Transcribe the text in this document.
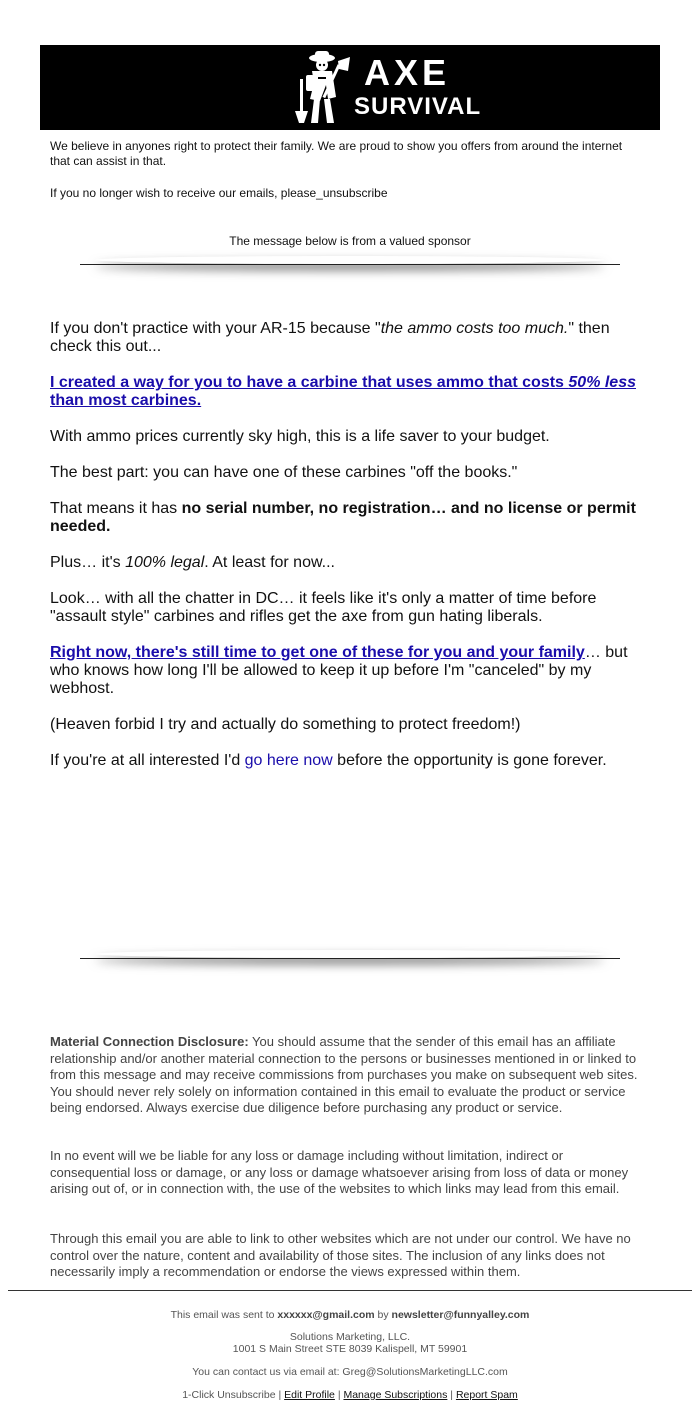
AXE
SURVIVAL

We believe in anyones right to protect their family. We are proud to show you offers from around the internet that can assist in that.

If you no longer wish to receive our emails, please_unsubscribe

The message below is from a valued sponsor

If you don't practice with your AR-15 because "the ammo costs too much." then check this out...

I created a way for you to have a carbine that uses ammo that costs 50% less than most carbines.

With ammo prices currently sky high, this is a life saver to your budget.

The best part: you can have one of these carbines "off the books."

That means it has no serial number, no registration… and no license or permit needed.

Plus… it's 100% legal. At least for now...

Look… with all the chatter in DC… it feels like it's only a matter of time before "assault style" carbines and rifles get the axe from gun hating liberals.

Right now, there's still time to get one of these for you and your family… but who knows how long I'll be allowed to keep it up before I'm "canceled" by my webhost.

(Heaven forbid I try and actually do something to protect freedom!)

If you're at all interested I'd go here now before the opportunity is gone forever.

Material Connection Disclosure: You should assume that the sender of this email has an affiliate relationship and/or another material connection to the persons or businesses mentioned in or linked to from this message and may receive commissions from purchases you make on subsequent web sites. You should never rely solely on information contained in this email to evaluate the product or service being endorsed. Always exercise due diligence before purchasing any product or service.

In no event will we be liable for any loss or damage including without limitation, indirect or consequential loss or damage, or any loss or damage whatsoever arising from loss of data or money arising out of, or in connection with, the use of the websites to which links may lead from this email.

Through this email you are able to link to other websites which are not under our control. We have no control over the nature, content and availability of those sites. The inclusion of any links does not necessarily imply a recommendation or endorse the views expressed within them.

This email was sent to xxxxxx@gmail.com by newsletter@funnyalley.com
Solutions Marketing, LLC.
1001 S Main Street STE 8039 Kalispell, MT 59901
You can contact us via email at: Greg@SolutionsMarketingLLC.com
1-Click Unsubscribe | Edit Profile | Manage Subscriptions | Report Spam
